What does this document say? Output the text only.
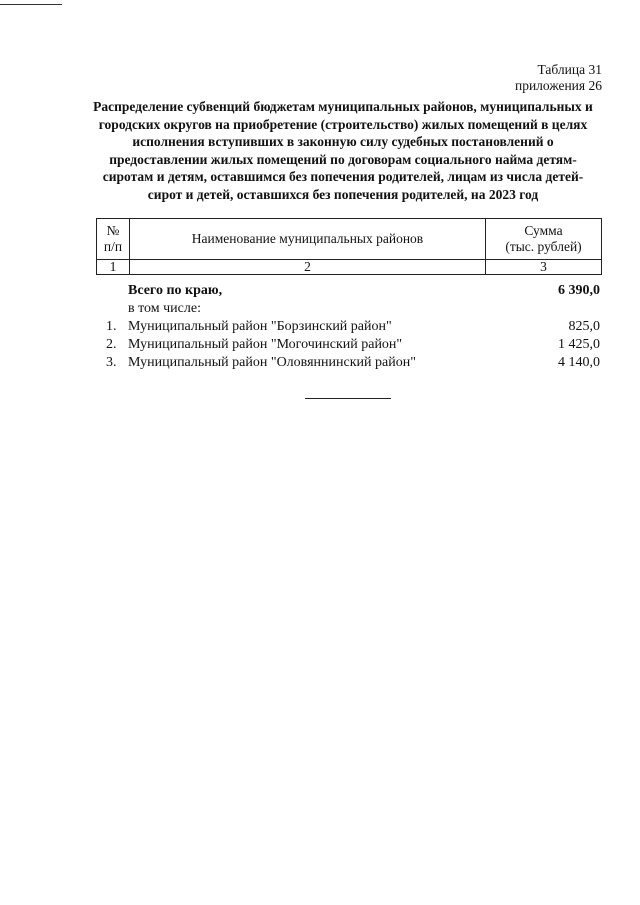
Таблица 31
приложения 26
Распределение субвенций бюджетам муниципальных районов, муниципальных и городских округов на приобретение (строительство) жилых помещений в целях исполнения вступивших в законную силу судебных постановлений о предоставлении жилых помещений по договорам социального найма детям-сиротам и детям, оставшимся без попечения родителей, лицам из числа детей-сирот и детей, оставшихся без попечения родителей, на 2023 год
№
п/п	Наименование муниципальных районов	Сумма
(тыс. рублей)
1	2	3
Всего по краю,	6 390,0
в том числе:
1. Муниципальный район "Борзинский район"	825,0
2. Муниципальный район "Могочинский район"	1 425,0
3. Муниципальный район "Оловяннинский район"	4 140,0
